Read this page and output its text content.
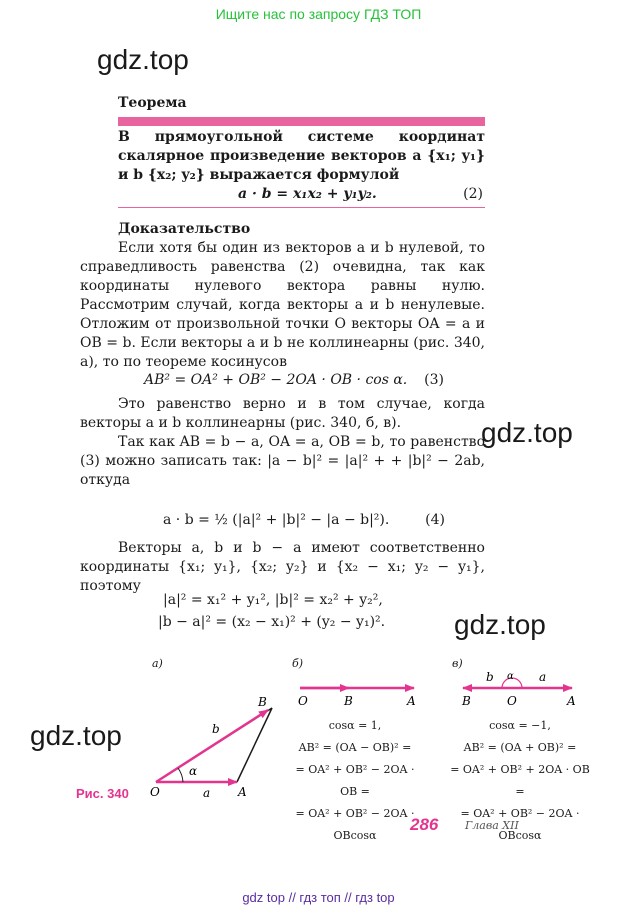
Ищите нас по запросу ГДЗ ТОП
gdz.top
gdz.top
gdz.top
gdz.top
Теорема
В прямоугольной системе координат скалярное произведение векторов a {x₁; y₁} и b {x₂; y₂} выражается формулой
a · b = x₁x₂ + y₁y₂.	(2)
Доказательство
Если хотя бы один из векторов a и b нулевой, то справедливость равенства (2) очевидна, так как координаты нулевого вектора равны нулю. Рассмотрим случай, когда векторы a и b ненулевые. Отложим от произвольной точки O векторы OA = a и OB = b. Если векторы a и b не коллинеарны (рис. 340, а), то по теореме косинусов
AB² = OA² + OB² − 2OA · OB · cos α. (3)
Это равенство верно и в том случае, когда векторы a и b коллинеарны (рис. 340, б, в).
Так как AB = b − a, OA = a, OB = b, то равенство (3) можно записать так: |a − b|² = |a|² + + |b|² − 2ab, откуда
a · b = ½ (|a|² + |b|² − |a − b|²).	(4)
Векторы a, b и b − a имеют соответственно координаты {x₁; y₁}, {x₂; y₂} и {x₂ − x₁; y₂ − y₁}, поэтому
|a|² = x₁² + y₁², |b|² = x₂² + y₂²,
|b − a|² = (x₂ − x₁)² + (y₂ − y₁)².
а)	б)	в)
O	A
B
a
b
α
O	B	A	B	O	A
b	a
α
cosα = 1,
AB² = (OA − OB)² =
= OA² + OB² − 2OA · OB =
= OA² + OB² − 2OA · OBcosα
cosα = −1,
AB² = (OA + OB)² =
= OA² + OB² + 2OA · OB =
= OA² + OB² − 2OA · OBcosα
Рис. 340
286 Глава XII
gdz top // гдз топ // гдз top
